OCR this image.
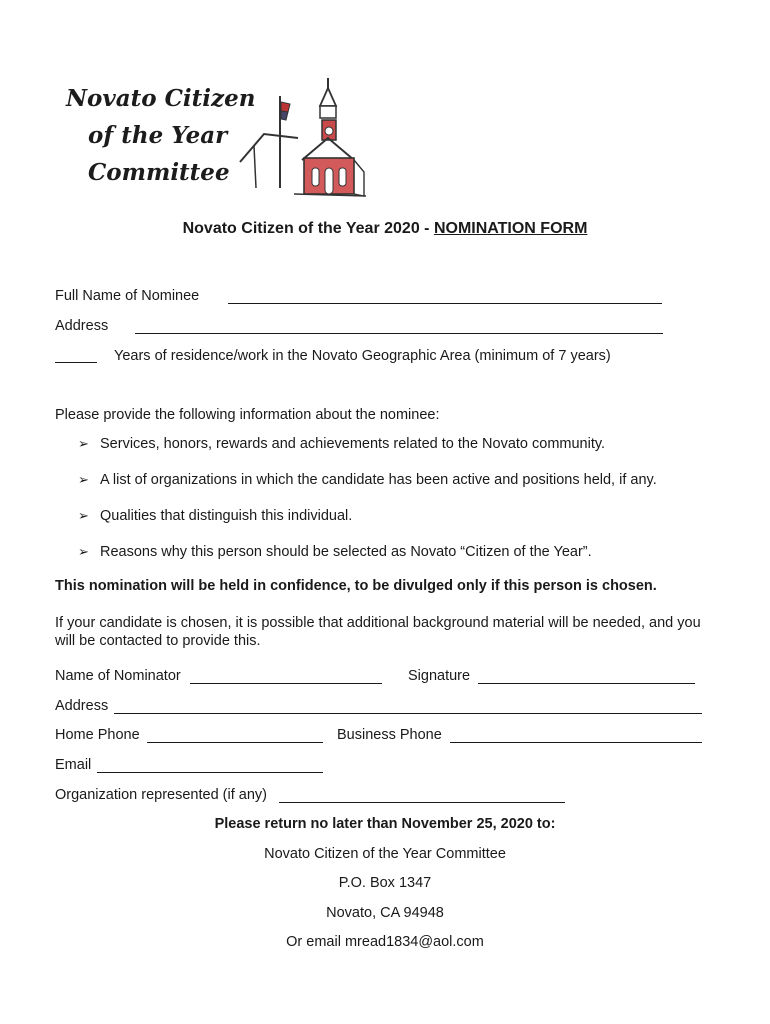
Novato Citizen
of the Year
Committee
Novato Citizen of the Year 2020 - NOMINATION FORM
Full Name of Nominee
Address
Years of residence/work in the Novato Geographic Area (minimum of 7 years)
Please provide the following information about the nominee:
➢ Services, honors, rewards and achievements related to the Novato community.
➢ A list of organizations in which the candidate has been active and positions held, if any.
➢ Qualities that distinguish this individual.
➢ Reasons why this person should be selected as Novato “Citizen of the Year”.
This nomination will be held in confidence, to be divulged only if this person is chosen.
If your candidate is chosen, it is possible that additional background material will be needed, and you will be contacted to provide this.
Name of Nominator	Signature
Address
Home Phone	Business Phone
Email
Organization represented (if any)
Please return no later than November 25, 2020 to:
Novato Citizen of the Year Committee
P.O. Box 1347
Novato, CA 94948
Or email mread1834@aol.com
